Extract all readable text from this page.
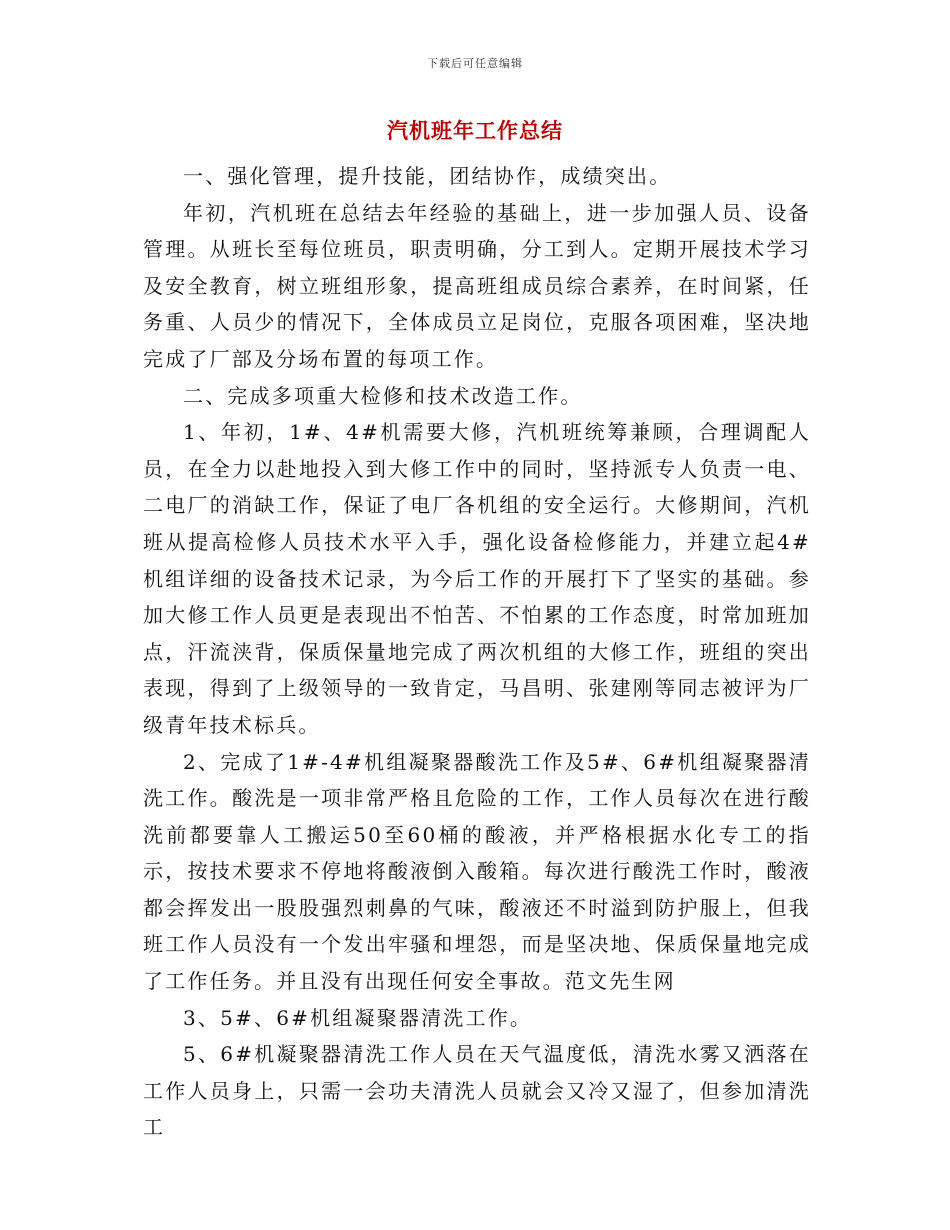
下载后可任意编辑
汽机班年工作总结

一、强化管理，提升技能，团结协作，成绩突出。

年初，汽机班在总结去年经验的基础上，进一步加强人员、设备管理。从班长至每位班员，职责明确，分工到人。定期开展技术学习及安全教育，树立班组形象，提高班组成员综合素养，在时间紧，任务重、人员少的情况下，全体成员立足岗位，克服各项困难，坚决地完成了厂部及分场布置的每项工作。

二、完成多项重大检修和技术改造工作。

1、年初，1#、4#机需要大修，汽机班统筹兼顾，合理调配人员，在全力以赴地投入到大修工作中的同时，坚持派专人负责一电、二电厂的消缺工作，保证了电厂各机组的安全运行。大修期间，汽机班从提高检修人员技术水平入手，强化设备检修能力，并建立起4#机组详细的设备技术记录，为今后工作的开展打下了坚实的基础。参加大修工作人员更是表现出不怕苦、不怕累的工作态度，时常加班加点，汗流浃背，保质保量地完成了两次机组的大修工作，班组的突出表现，得到了上级领导的一致肯定，马昌明、张建刚等同志被评为厂级青年技术标兵。

2、完成了1#-4#机组凝聚器酸洗工作及5#、6#机组凝聚器清洗工作。酸洗是一项非常严格且危险的工作，工作人员每次在进行酸洗前都要靠人工搬运50至60桶的酸液，并严格根据水化专工的指示，按技术要求不停地将酸液倒入酸箱。每次进行酸洗工作时，酸液都会挥发出一股股强烈刺鼻的气味，酸液还不时溢到防护服上，但我班工作人员没有一个发出牢骚和埋怨，而是坚决地、保质保量地完成了工作任务。并且没有出现任何安全事故。范文先生网

3、5#、6#机组凝聚器清洗工作。

5、6#机凝聚器清洗工作人员在天气温度低，清洗水雾又洒落在工作人员身上，只需一会功夫清洗人员就会又冷又湿了，但参加清洗工
